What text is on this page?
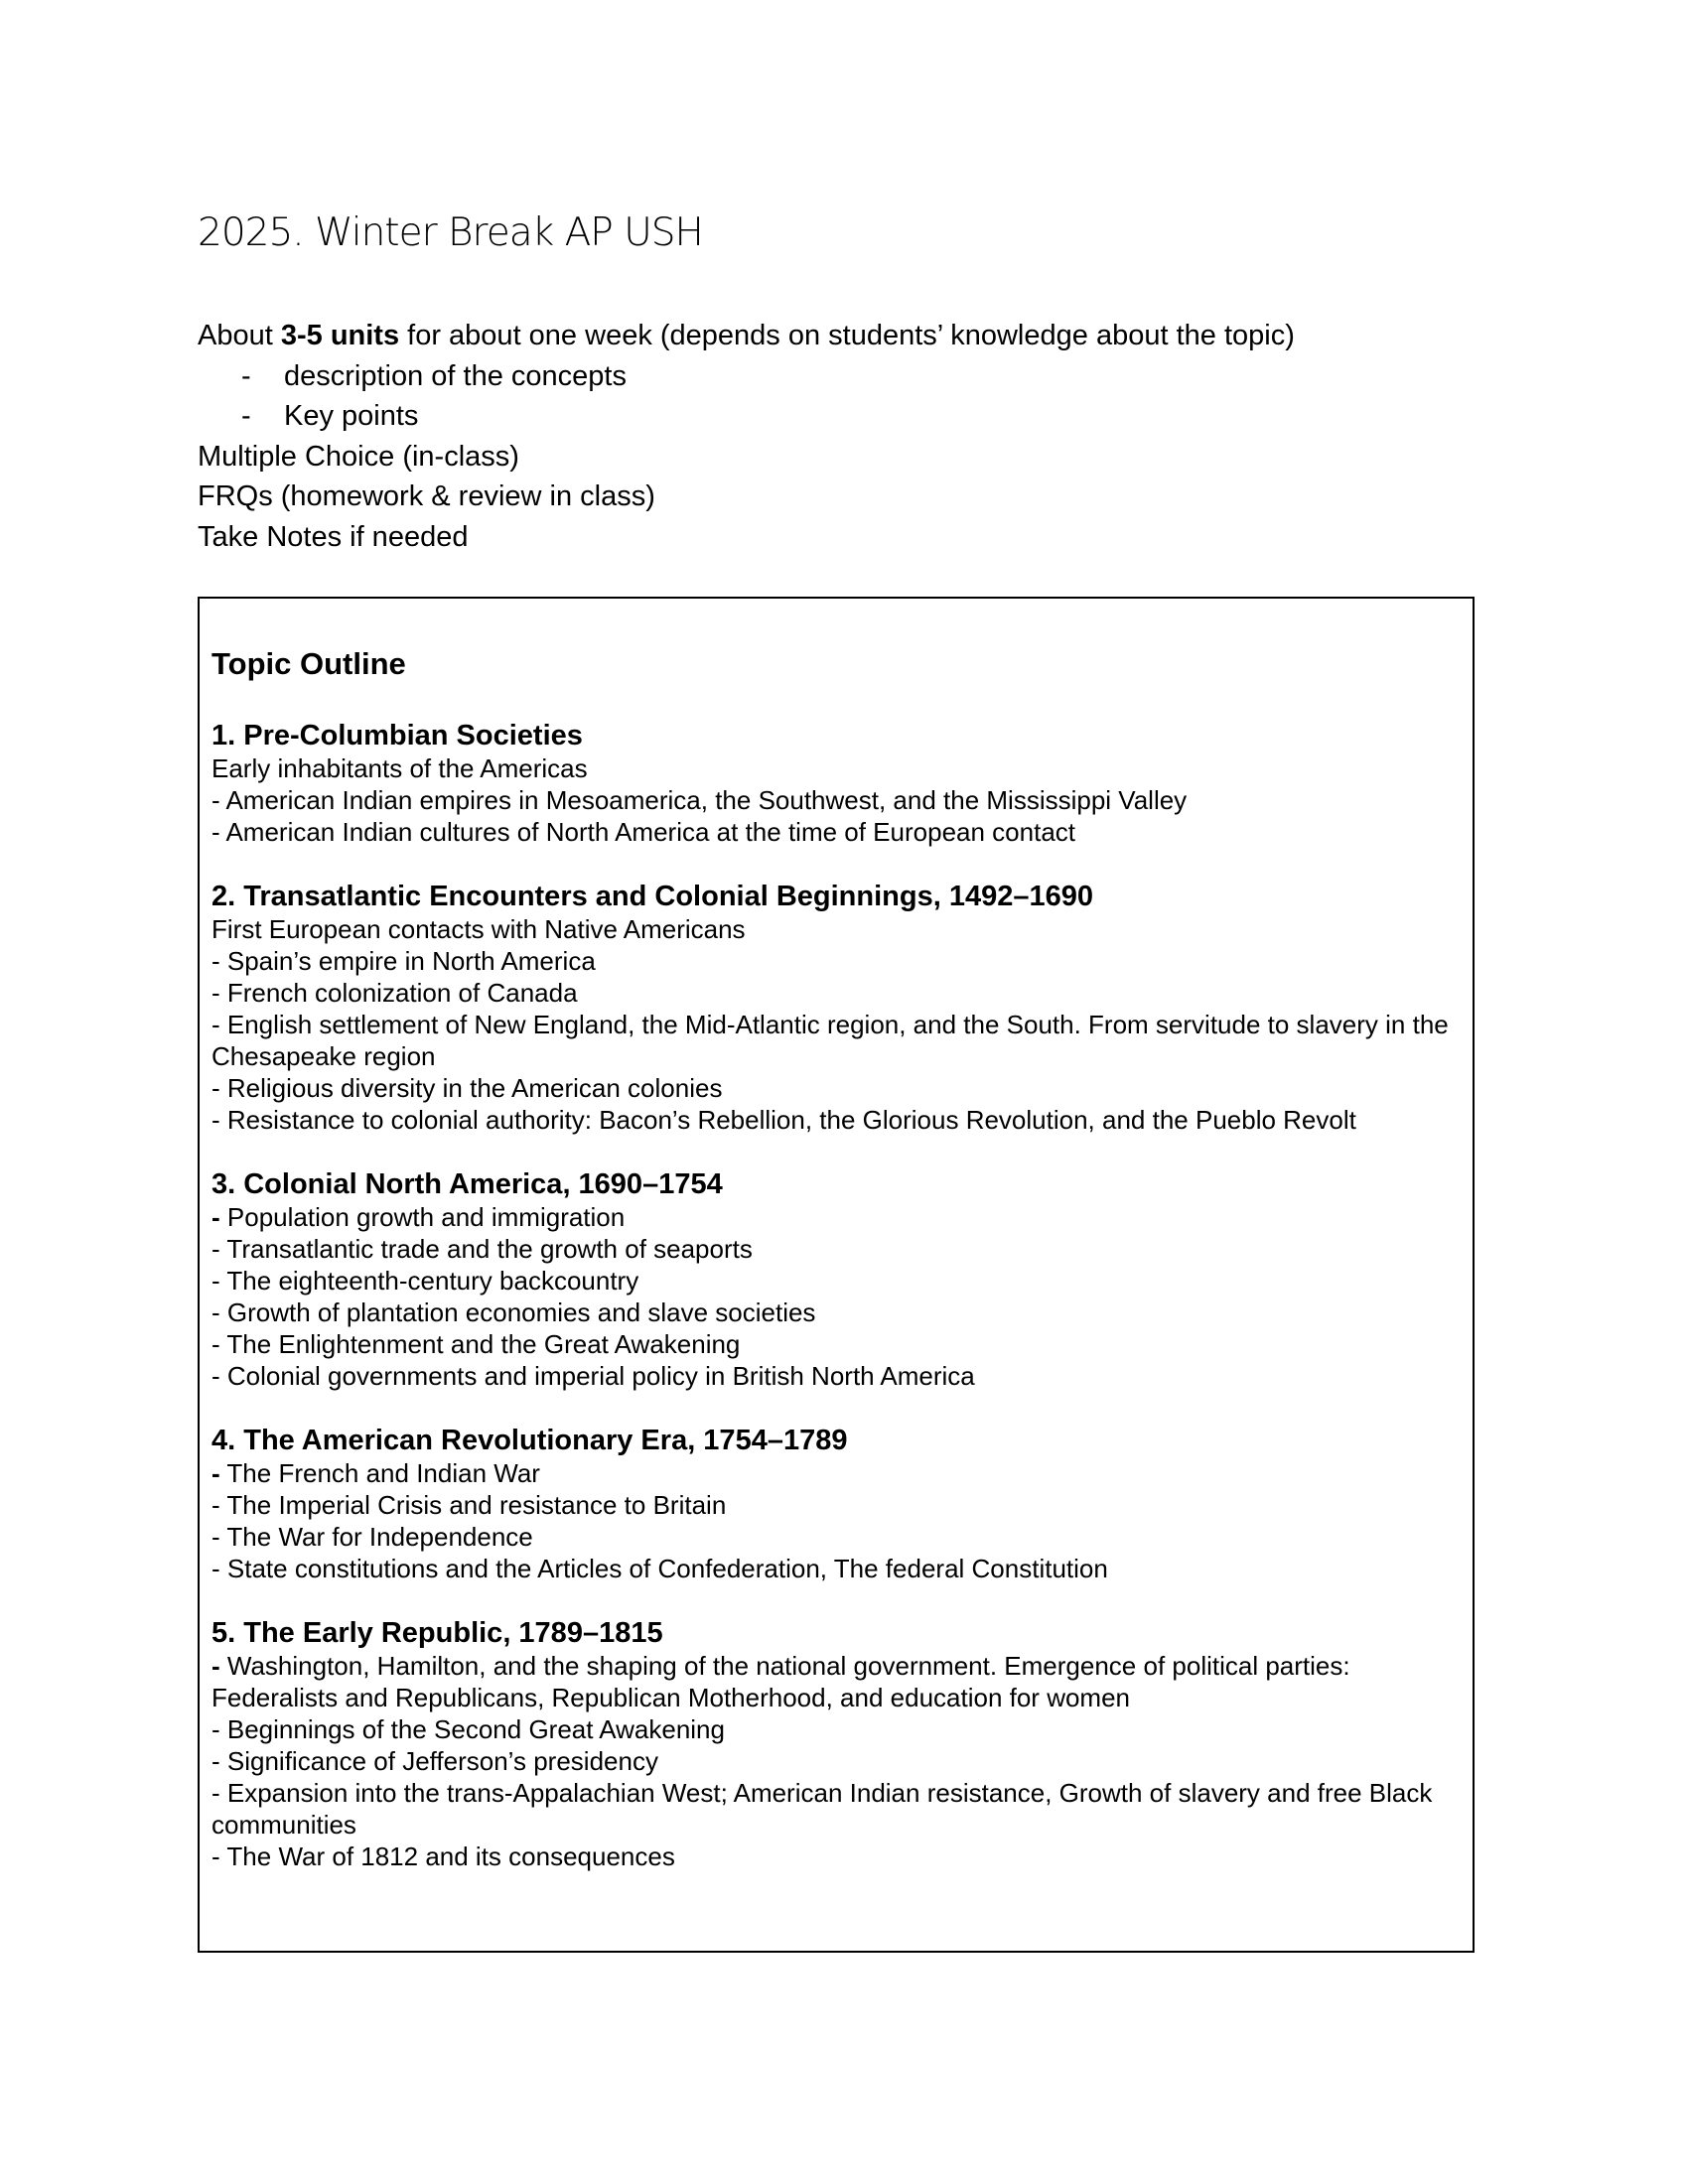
2025. Winter Break AP USH
About 3-5 units for about one week (depends on students’ knowledge about the topic)
- description of the concepts
- Key points
Multiple Choice (in-class)
FRQs (homework & review in class)
Take Notes if needed
Topic Outline
1. Pre-Columbian Societies
Early inhabitants of the Americas
- American Indian empires in Mesoamerica, the Southwest, and the Mississippi Valley
- American Indian cultures of North America at the time of European contact
2. Transatlantic Encounters and Colonial Beginnings, 1492–1690
First European contacts with Native Americans
- Spain’s empire in North America
- French colonization of Canada
- English settlement of New England, the Mid-Atlantic region, and the South. From servitude to slavery in the Chesapeake region
- Religious diversity in the American colonies
- Resistance to colonial authority: Bacon’s Rebellion, the Glorious Revolution, and the Pueblo Revolt
3. Colonial North America, 1690–1754
- Population growth and immigration
- Transatlantic trade and the growth of seaports
- The eighteenth-century backcountry
- Growth of plantation economies and slave societies
- The Enlightenment and the Great Awakening
- Colonial governments and imperial policy in British North America
4. The American Revolutionary Era, 1754–1789
- The French and Indian War
- The Imperial Crisis and resistance to Britain
- The War for Independence
- State constitutions and the Articles of Confederation, The federal Constitution
5. The Early Republic, 1789–1815
- Washington, Hamilton, and the shaping of the national government. Emergence of political parties: Federalists and Republicans, Republican Motherhood, and education for women
- Beginnings of the Second Great Awakening
- Significance of Jefferson’s presidency
- Expansion into the trans-Appalachian West; American Indian resistance, Growth of slavery and free Black communities
- The War of 1812 and its consequences
